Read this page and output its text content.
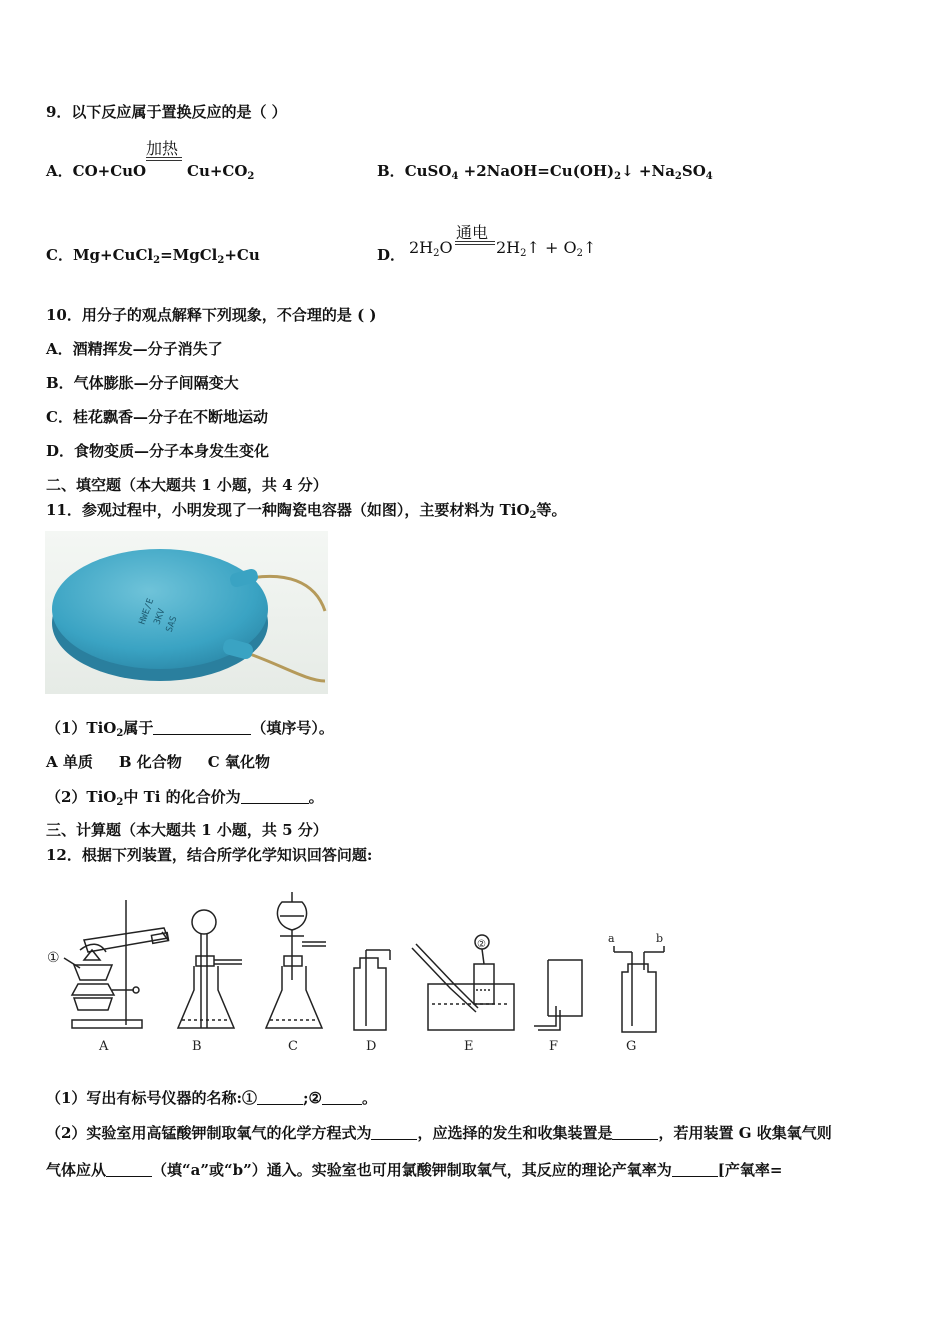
9．以下反应属于置换反应的是（ ）
A．CO+CuO
加热
$Cu+CO_2$	B．CuSO$_4$ $+2NaOH=Cu(OH)_2↓ +Na_2SO_4$
C．Mg+CuCl$_2$=MgCl$_2$+Cu	D．
通电
$2H_2O$	$2H_2↑$ + $O_2↑$
10．用分子的观点解释下列现象，不合理的是 ( )
A．酒精挥发—分子消失了
B．气体膨胀—分子间隔变大
C．桂花飘香—分子在不断地运动
D．食物变质—分子本身发生变化
二、填空题（本大题共 1 小题，共 4 分）
11．参观过程中，小明发现了一种陶瓷电容器（如图），主要材料为 TiO$_2$等。
HWE/E
3KV
SAS
（1）TiO$_2$属于	（填序号）。
A 单质 B 化合物 C 氧化物
（2）TiO$_2$中 Ti 的化合价为	。
三、计算题（本大题共 1 小题，共 5 分）
12．根据下列装置，结合所学化学知识回答问题:
①
A	B	C	D
②
E	F
a	b
G
（1）写出有标号仪器的名称:①	;②	。
（2）实验室用高锰酸钾制取氧气的化学方程式为	，应选择的发生和收集装置是	，若用装置 G 收集氧气则
气体应从	（填“a”或“b”）通入。实验室也可用氯酸钾制取氧气，其反应的理论产氧率为	[产氧率=
